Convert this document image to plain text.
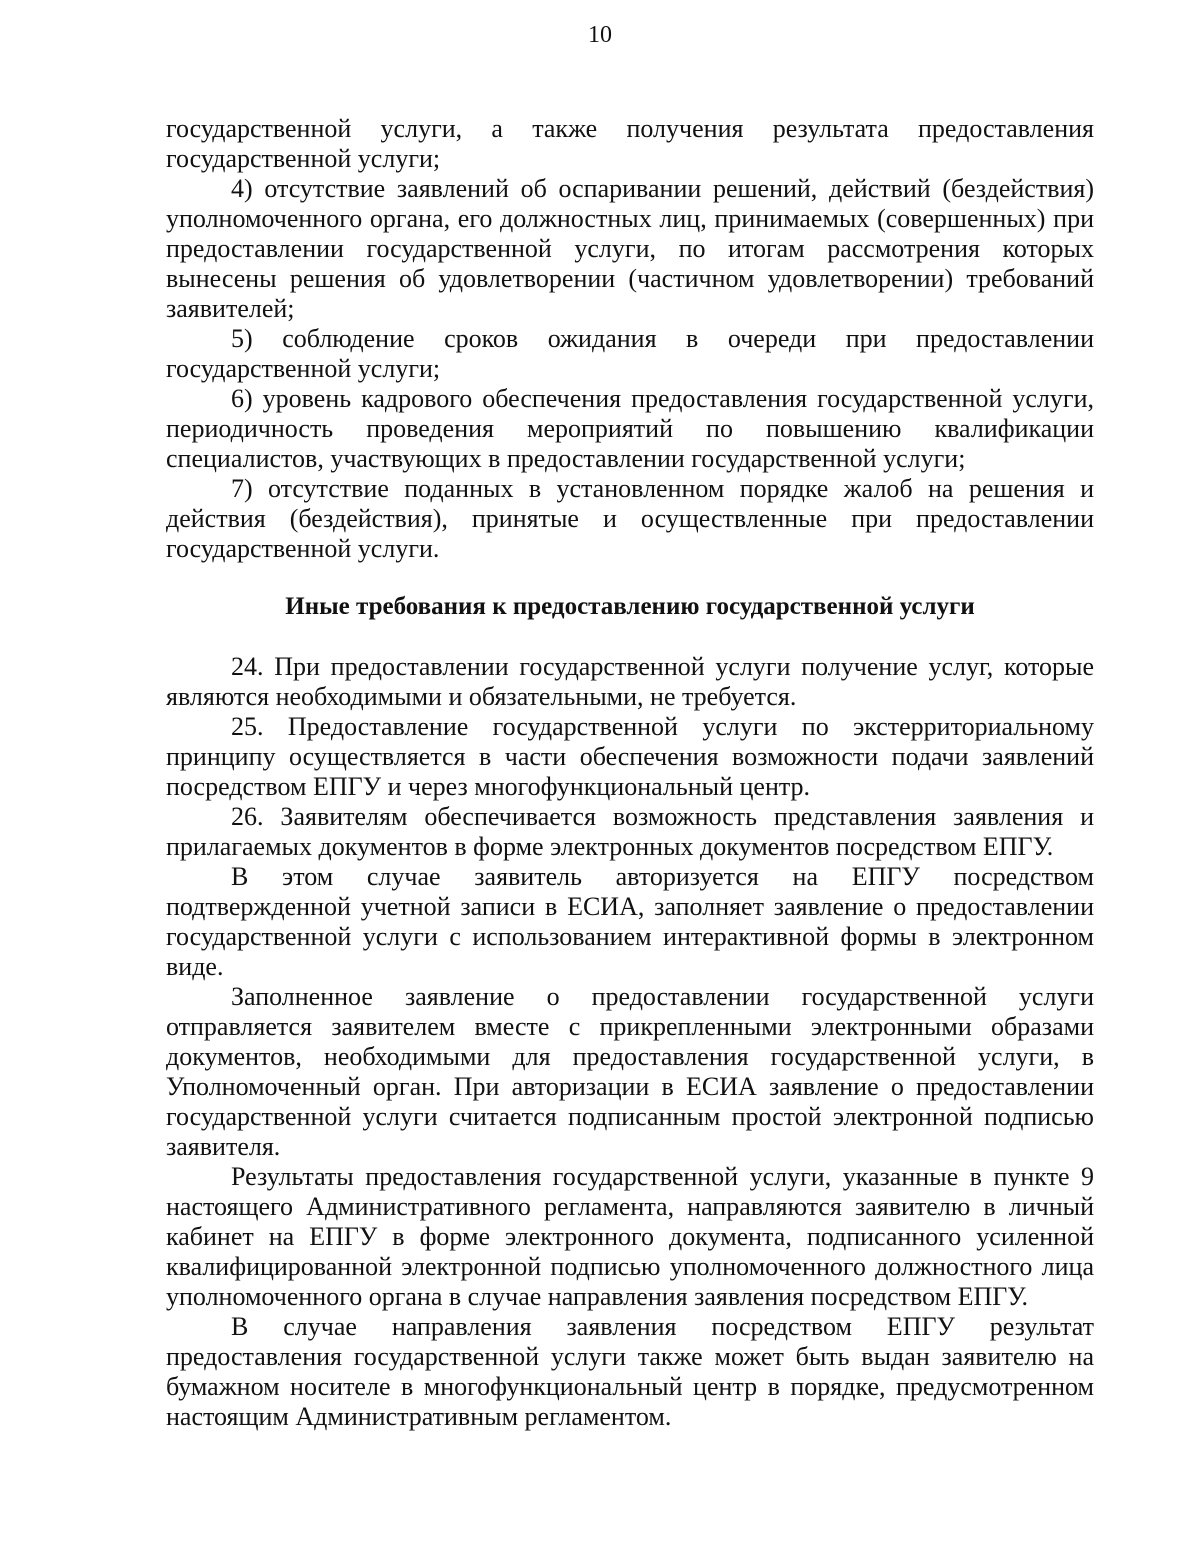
10

государственной услуги, а также получения результата предоставления государственной услуги;

4) отсутствие заявлений об оспаривании решений, действий (бездействия) уполномоченного органа, его должностных лиц, принимаемых (совершенных) при предоставлении государственной услуги, по итогам рассмотрения которых вынесены решения об удовлетворении (частичном удовлетворении) требований заявителей;

5) соблюдение сроков ожидания в очереди при предоставлении государственной услуги;

6) уровень кадрового обеспечения предоставления государственной услуги, периодичность проведения мероприятий по повышению квалификации специалистов, участвующих в предоставлении государственной услуги;

7) отсутствие поданных в установленном порядке жалоб на решения и действия (бездействия), принятые и осуществленные при предоставлении государственной услуги.

Иные требования к предоставлению государственной услуги

24. При предоставлении государственной услуги получение услуг, которые являются необходимыми и обязательными, не требуется.

25. Предоставление государственной услуги по экстерриториальному принципу осуществляется в части обеспечения возможности подачи заявлений посредством ЕПГУ и через многофункциональный центр.

26. Заявителям обеспечивается возможность представления заявления и прилагаемых документов в форме электронных документов посредством ЕПГУ.

В этом случае заявитель авторизуется на ЕПГУ посредством подтвержденной учетной записи в ЕСИА, заполняет заявление о предоставлении государственной услуги с использованием интерактивной формы в электронном виде.

Заполненное заявление о предоставлении государственной услуги отправляется заявителем вместе с прикрепленными электронными образами документов, необходимыми для предоставления государственной услуги, в Уполномоченный орган. При авторизации в ЕСИА заявление о предоставлении государственной услуги считается подписанным простой электронной подписью заявителя.

Результаты предоставления государственной услуги, указанные в пункте 9 настоящего Административного регламента, направляются заявителю в личный кабинет на ЕПГУ в форме электронного документа, подписанного усиленной квалифицированной электронной подписью уполномоченного должностного лица уполномоченного органа в случае направления заявления посредством ЕПГУ.

В случае направления заявления посредством ЕПГУ результат предоставления государственной услуги также может быть выдан заявителю на бумажном носителе в многофункциональный центр в порядке, предусмотренном настоящим Административным регламентом.
